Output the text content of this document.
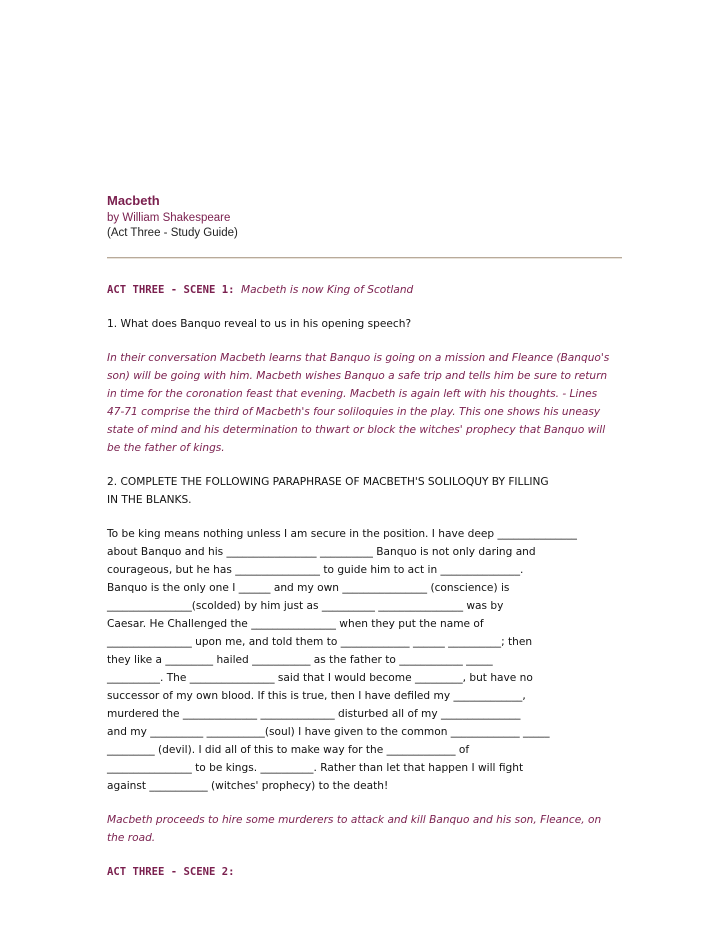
Macbeth

by William Shakespeare

(Act Three - Study Guide)

ACT THREE - SCENE 1: Macbeth is now King of Scotland

1. What does Banquo reveal to us in his opening speech?

In their conversation Macbeth learns that Banquo is going on a mission and Fleance (Banquo's
son) will be going with him. Macbeth wishes Banquo a safe trip and tells him be sure to return
in time for the coronation feast that evening. Macbeth is again left with his thoughts. - Lines
47-71 comprise the third of Macbeth's four soliloquies in the play. This one shows his uneasy
state of mind and his determination to thwart or block the witches' prophecy that Banquo will
be the father of kings.
2. COMPLETE THE FOLLOWING PARAPHRASE OF MACBETH'S SOLILOQUY BY FILLING
IN THE BLANKS.
To be king means nothing unless I am secure in the position. I have deep _______________
about Banquo and his _________________ __________ Banquo is not only daring and
courageous, but he has ________________ to guide him to act in _______________.
Banquo is the only one I ______ and my own ________________ (conscience) is
________________(scolded) by him just as __________ ________________ was by
Caesar. He Challenged the ________________ when they put the name of
________________ upon me, and told them to _____________ ______ __________; then
they like a _________ hailed ___________ as the father to ____________ _____
__________. The ________________ said that I would become _________, but have no
successor of my own blood. If this is true, then I have defiled my _____________,
murdered the ______________ ______________ disturbed all of my _______________
and my __________ ___________(soul) I have given to the common _____________ _____
_________ (devil). I did all of this to make way for the _____________ of
________________ to be kings. __________. Rather than let that happen I will fight
against ___________ (witches' prophecy) to the death!
Macbeth proceeds to hire some murderers to attack and kill Banquo and his son, Fleance, on
the road.

ACT THREE - SCENE 2:
